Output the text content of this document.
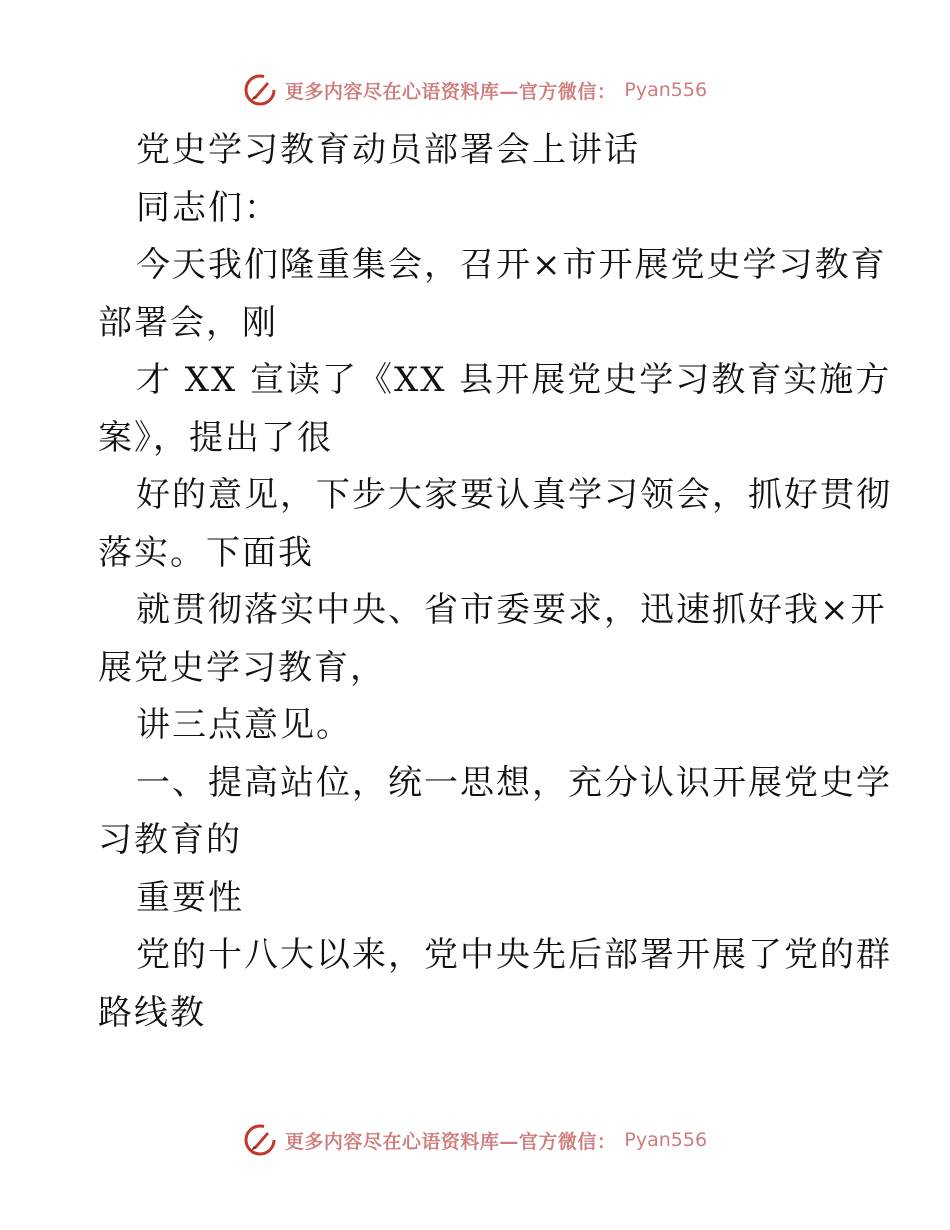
更多内容尽在心语资料库—官方微信： Pyan556
党史学习教育动员部署会上讲话
同志们：
今天我们隆重集会，召开×市开展党史学习教育
部署会，刚
才 XX 宣读了《XX 县开展党史学习教育实施方
案》，提出了很
好的意见，下步大家要认真学习领会，抓好贯彻
落实。下面我
就贯彻落实中央、省市委要求，迅速抓好我×开
展党史学习教育，
讲三点意见。
一、提高站位，统一思想，充分认识开展党史学
习教育的
重要性
党的十八大以来，党中央先后部署开展了党的群
路线教
更多内容尽在心语资料库—官方微信： Pyan556
